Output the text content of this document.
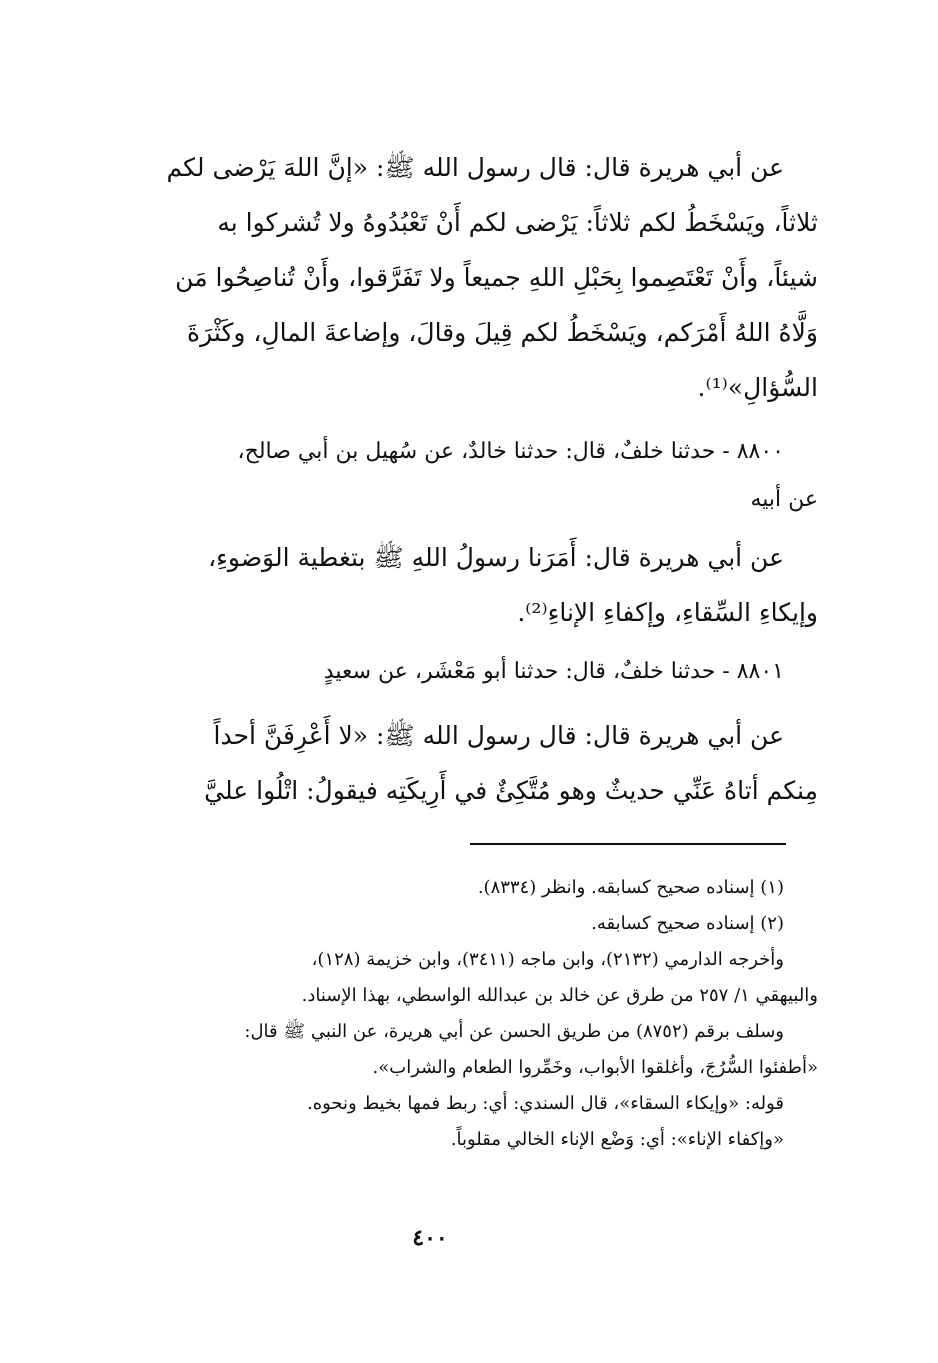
عن أبي هريرة قال: قال رسول الله ﷺ: «إنَّ اللهَ يَرْضى لكم

ثلاثاً، ويَسْخَطُ لكم ثلاثاً: يَرْضى لكم أَنْ تَعْبُدُوهُ ولا تُشركوا به

شيئاً، وأَنْ تَعْتَصِموا بِحَبْلِ اللهِ جميعاً ولا تَفَرَّقوا، وأَنْ تُناصِحُوا مَن

وَلَّاهُ اللهُ أَمْرَكم، ويَسْخَطُ لكم قِيلَ وقالَ، وإضاعةَ المالِ، وكَثْرَةَ

السُّؤالِ»⁽¹⁾.

٨٨٠٠ - حدثنا خلفٌ، قال: حدثنا خالدٌ، عن سُهيل بن أبي صالح،

عن أبيه

عن أبي هريرة قال: أَمَرَنا رسولُ اللهِ ﷺ بتغطية الوَضوءِ،

وإيكاءِ السِّقاءِ، وإكفاءِ الإناءِ⁽²⁾.

٨٨٠١ - حدثنا خلفٌ، قال: حدثنا أبو مَعْشَر، عن سعيدٍ

عن أبي هريرة قال: قال رسول الله ﷺ: «لا أَعْرِفَنَّ أحداً

مِنكم أتاهُ عَنِّي حديثٌ وهو مُتَّكِئٌ في أَرِيكَتِه فيقولُ: اتْلُوا عليَّ

(١) إسناده صحيح كسابقه. وانظر (٨٣٣٤).

(٢) إسناده صحيح كسابقه.

وأخرجه الدارمي (٢١٣٢)، وابن ماجه (٣٤١١)، وابن خزيمة (١٢٨)،

والبيهقي ١/ ٢٥٧ من طرق عن خالد بن عبدالله الواسطي، بهذا الإسناد.

وسلف برقم (٨٧٥٢) من طريق الحسن عن أبي هريرة، عن النبي ﷺ قال:

«أطفئوا السُّرُجَ، وأغلقوا الأبواب، وخَمِّروا الطعام والشراب».

قوله: «وإيكاء السقاء»، قال السندي: أي: ربط فمها بخيط ونحوه.

«وإكفاء الإناء»: أي: وَضْع الإناء الخالي مقلوباً.

٤٠٠
